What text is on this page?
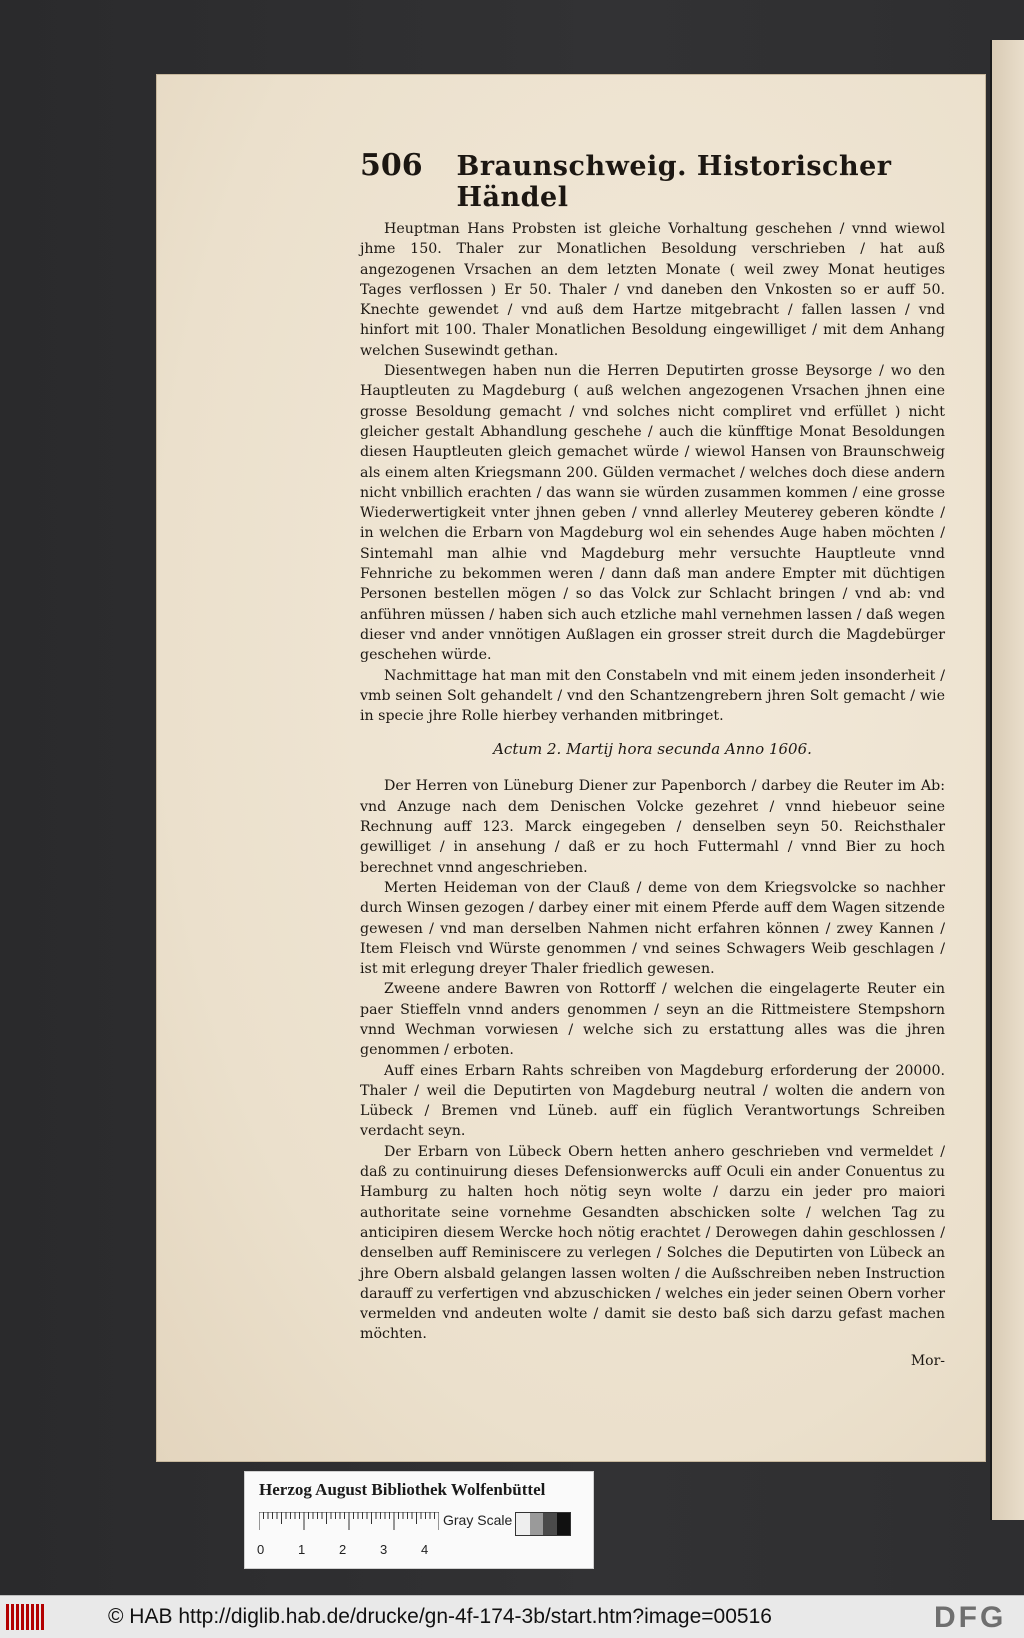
506	Braunschweig. Historischer Händel

Heuptman Hans Probsten ist gleiche Vorhaltung geschehen / vnnd wiewol jhme 150. Thaler zur Monatlichen Besoldung verschrieben / hat auß angezogenen Vrsachen an dem letzten Monate ( weil zwey Monat heutiges Tages verflossen ) Er 50. Thaler / vnd daneben den Vnkosten so er auff 50. Knechte gewendet / vnd auß dem Hartze mitgebracht / fallen lassen / vnd hinfort mit 100. Thaler Monatlichen Besoldung eingewilliget / mit dem Anhang welchen Susewindt gethan.

Diesentwegen haben nun die Herren Deputirten grosse Beysorge / wo den Hauptleuten zu Magdeburg ( auß welchen angezogenen Vrsachen jhnen eine grosse Besoldung gemacht / vnd solches nicht compliret vnd erfüllet ) nicht gleicher gestalt Abhandlung geschehe / auch die künfftige Monat Besoldungen diesen Hauptleuten gleich gemachet würde / wiewol Hansen von Braunschweig als einem alten Kriegsmann 200. Gülden vermachet / welches doch diese andern nicht vnbillich erachten / das wann sie würden zusammen kommen / eine grosse Wiederwertigkeit vnter jhnen geben / vnnd allerley Meuterey geberen köndte / in welchen die Erbarn von Magdeburg wol ein sehendes Auge haben möchten / Sintemahl man alhie vnd Magdeburg mehr versuchte Hauptleute vnnd Fehnriche zu bekommen weren / dann daß man andere Empter mit düchtigen Personen bestellen mögen / so das Volck zur Schlacht bringen / vnd ab: vnd anführen müssen / haben sich auch etzliche mahl vernehmen lassen / daß wegen dieser vnd ander vnnötigen Außlagen ein grosser streit durch die Magdebürger geschehen würde.

Nachmittage hat man mit den Constabeln vnd mit einem jeden insonderheit / vmb seinen Solt gehandelt / vnd den Schantzengrebern jhren Solt gemacht / wie in specie jhre Rolle hierbey verhanden mitbringet.

Actum 2. Martij hora secunda Anno 1606.

Der Herren von Lüneburg Diener zur Papenborch / darbey die Reuter im Ab: vnd Anzuge nach dem Denischen Volcke gezehret / vnnd hiebeuor seine Rechnung auff 123. Marck eingegeben / denselben seyn 50. Reichsthaler gewilliget / in ansehung / daß er zu hoch Futtermahl / vnnd Bier zu hoch berechnet vnnd angeschrieben.

Merten Heideman von der Clauß / deme von dem Kriegsvolcke so nachher durch Winsen gezogen / darbey einer mit einem Pferde auff dem Wagen sitzende gewesen / vnd man derselben Nahmen nicht erfahren können / zwey Kannen / Item Fleisch vnd Würste genommen / vnd seines Schwagers Weib geschlagen / ist mit erlegung dreyer Thaler friedlich gewesen.

Zweene andere Bawren von Rottorff / welchen die eingelagerte Reuter ein paer Stieffeln vnnd anders genommen / seyn an die Rittmeistere Stempshorn vnnd Wechman vorwiesen / welche sich zu erstattung alles was die jhren genommen / erboten.

Auff eines Erbarn Rahts schreiben von Magdeburg erforderung der 20000. Thaler / weil die Deputirten von Magdeburg neutral / wolten die andern von Lübeck / Bremen vnd Lüneb. auff ein füglich Verantwortungs Schreiben verdacht seyn.

Der Erbarn von Lübeck Obern hetten anhero geschrieben vnd vermeldet / daß zu continuirung dieses Defensionwercks auff Oculi ein ander Conuentus zu Hamburg zu halten hoch nötig seyn wolte / darzu ein jeder pro maiori authoritate seine vornehme Gesandten abschicken solte / welchen Tag zu anticipiren diesem Wercke hoch nötig erachtet / Derowegen dahin geschlossen / denselben auff Reminiscere zu verlegen / Solches die Deputirten von Lübeck an jhre Obern alsbald gelangen lassen wolten / die Außschreiben neben Instruction darauff zu verfertigen vnd abzuschicken / welches ein jeder seinen Obern vorher vermelden vnd andeuten wolte / damit sie desto baß sich darzu gefast machen möchten.

Mor-
Herzog August Bibliothek Wolfenbüttel
0	1	2	3	4
Gray Scale
© HAB http://diglib.hab.de/drucke/gn-4f-174-3b/start.htm?image=00516	DFG
